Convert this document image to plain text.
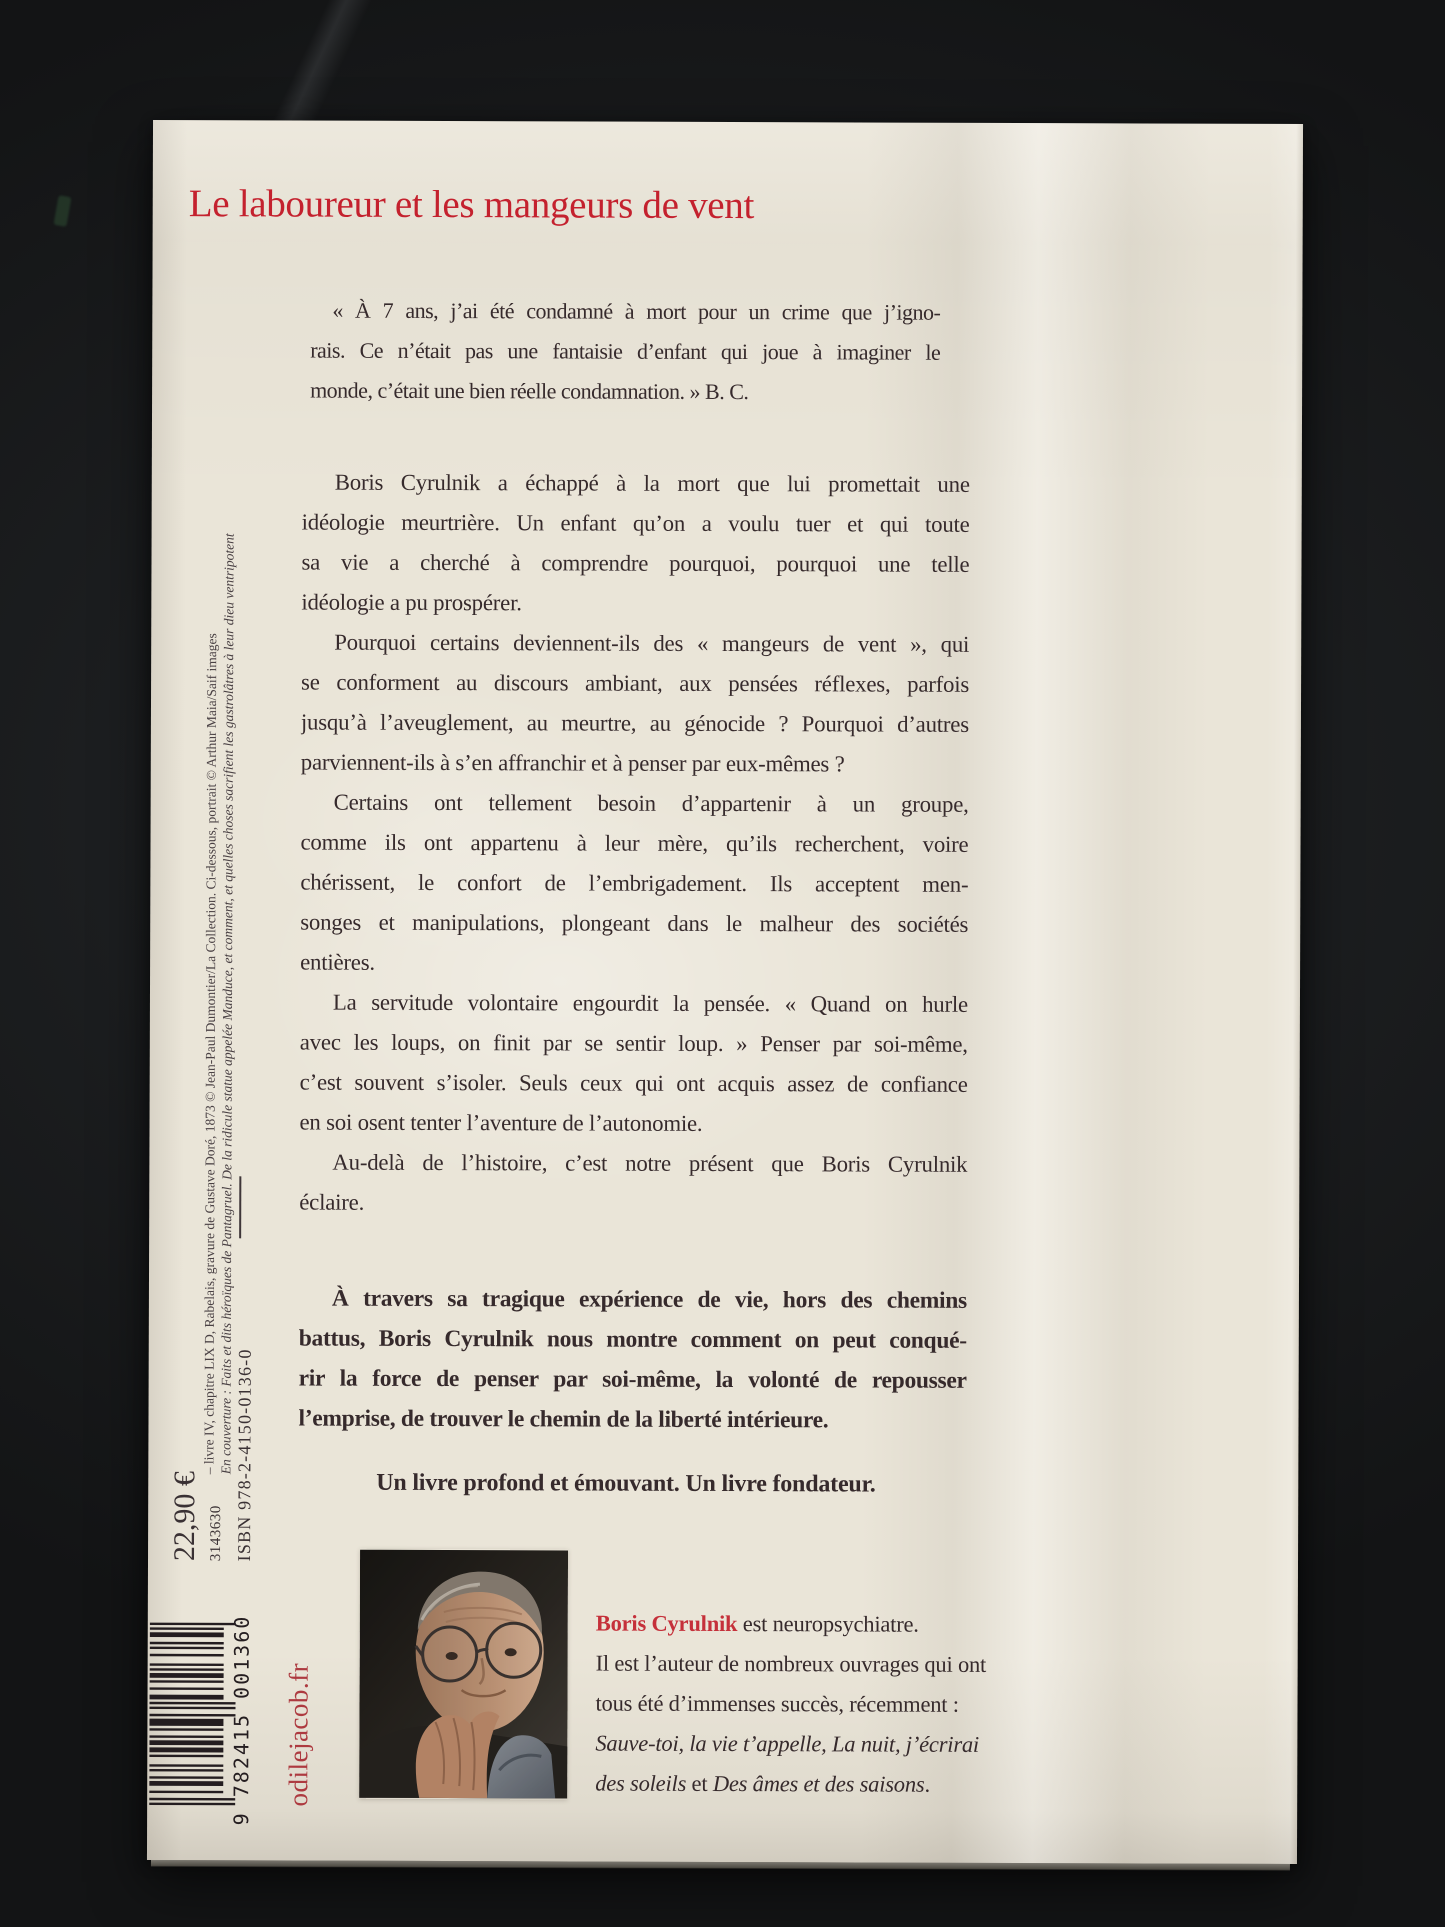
Le laboureur et les mangeurs de vent
« À 7 ans, j’ai été condamné à mort pour un crime que j’igno-
rais. Ce n’était pas une fantaisie d’enfant qui joue à imaginer le
monde, c’était une bien réelle condamnation. » B. C.
Boris Cyrulnik a échappé à la mort que lui promettait une
idéologie meurtrière. Un enfant qu’on a voulu tuer et qui toute
sa vie a cherché à comprendre pourquoi, pourquoi une telle
idéologie a pu prospérer.
Pourquoi certains deviennent-ils des « mangeurs de vent », qui
se conforment au discours ambiant, aux pensées réflexes, parfois
jusqu’à l’aveuglement, au meurtre, au génocide ? Pourquoi d’autres
parviennent-ils à s’en affranchir et à penser par eux-mêmes ?
Certains ont tellement besoin d’appartenir à un groupe,
comme ils ont appartenu à leur mère, qu’ils recherchent, voire
chérissent, le confort de l’embrigadement. Ils acceptent men-
songes et manipulations, plongeant dans le malheur des sociétés
entières.
La servitude volontaire engourdit la pensée. « Quand on hurle
avec les loups, on finit par se sentir loup. » Penser par soi-même,
c’est souvent s’isoler. Seuls ceux qui ont acquis assez de confiance
en soi osent tenter l’aventure de l’autonomie.
Au-delà de l’histoire, c’est notre présent que Boris Cyrulnik
éclaire.
À travers sa tragique expérience de vie, hors des chemins
battus, Boris Cyrulnik nous montre comment on peut conqué-
rir la force de penser par soi-même, la volonté de repousser
l’emprise, de trouver le chemin de la liberté intérieure.
Un livre profond et émouvant. Un livre fondateur.
Boris Cyrulnik est neuropsychiatre.
Il est l’auteur de nombreux ouvrages qui ont
tous été d’immenses succès, récemment :
Sauve-toi, la vie t’appelle, La nuit, j’écrirai
des soleils et Des âmes et des saisons.
– livre IV, chapitre LIX D, Rabelais, gravure de Gustave Doré, 1873 © Jean-Paul Dumontier/La Collection. Ci-dessous, portrait © Arthur Maia/Saif images En couverture : Faits et dits héroïques de Pantagruel. De la ridicule statue appelée Manduce, et comment, et quelles choses sacrifient les gastrolâtres à leur dieu ventripotent
22,90 € 3143630 ISBN 978-2-4150-0136-0
9 782415 001360 odilejacob.fr
